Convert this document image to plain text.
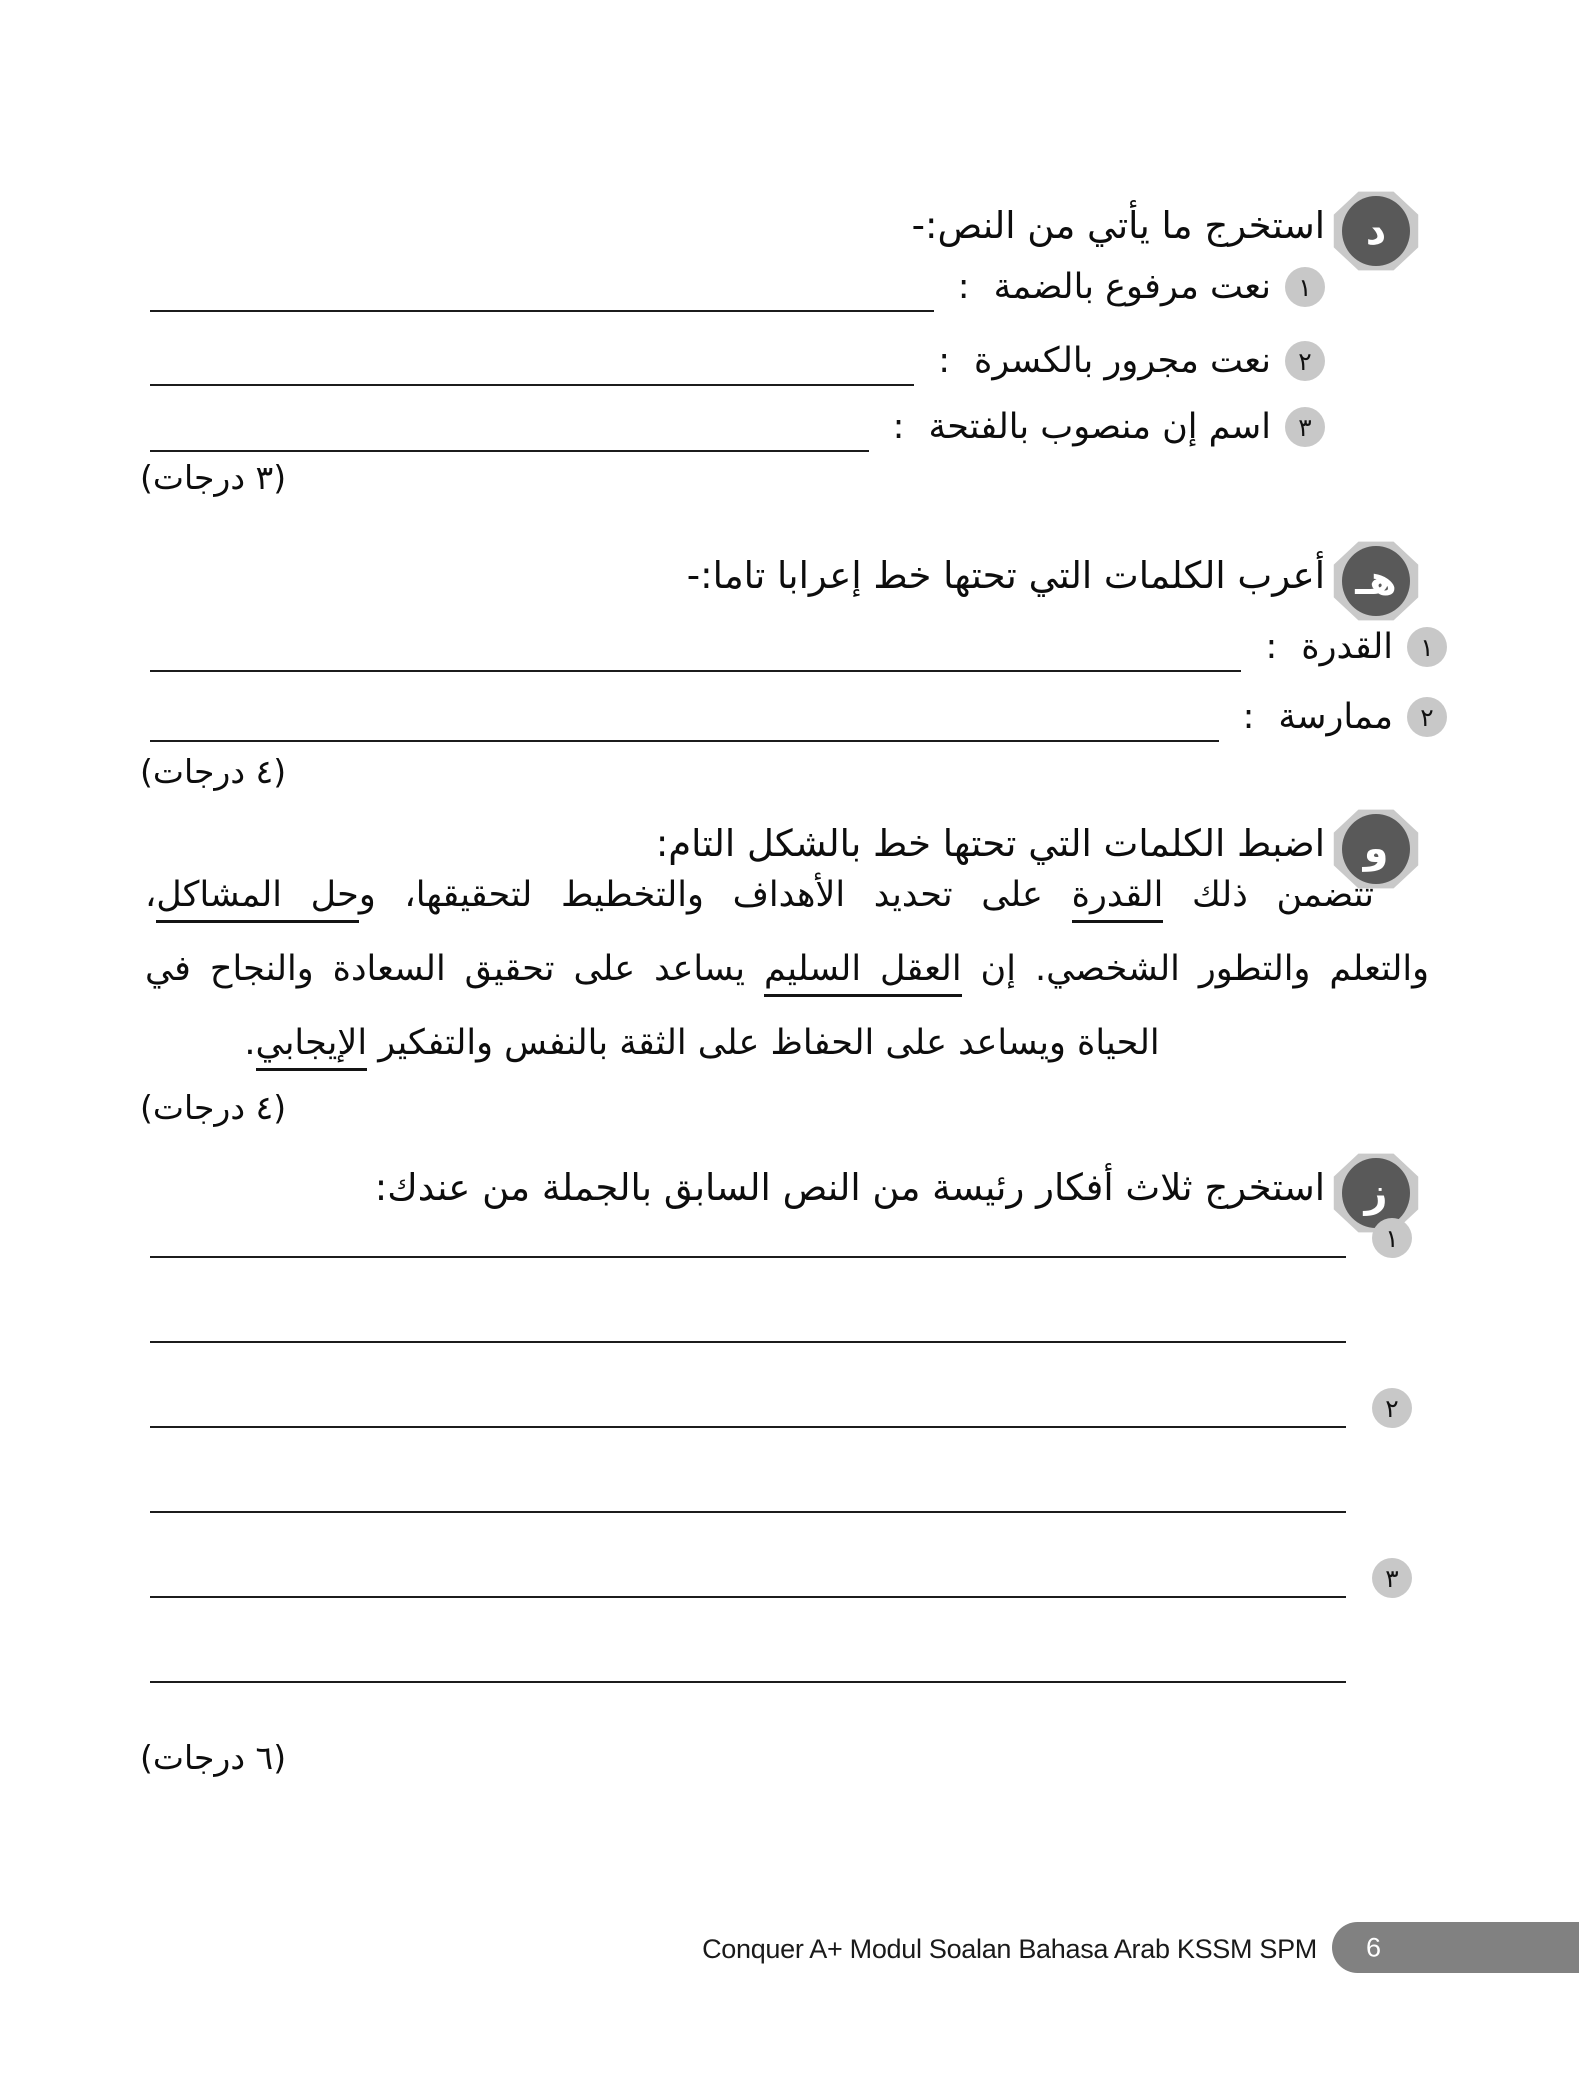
د
استخرج ما يأتي من النص:-
١
نعت مرفوع بالضمة
:
٢
نعت مجرور بالكسرة
:
٣
اسم إن منصوب بالفتحة
:
(٣ درجات)
هـ
أعرب الكلمات التي تحتها خط إعرابا تاما:-
١
القدرة
:
٢
ممارسة
:
(٤ درجات)
و
اضبط الكلمات التي تحتها خط بالشكل التام:
تتضمن ذلك القدرة على تحديد الأهداف والتخطيط لتحقيقها، وحل المشاكل،
والتعلم والتطور الشخصي. إن العقل السليم يساعد على تحقيق السعادة والنجاح في
الحياة ويساعد على الحفاظ على الثقة بالنفس والتفكير الإيجابي.
(٤ درجات)
ز
استخرج ثلاث أفكار رئيسة من النص السابق بالجملة من عندك:
١
٢
٣
(٦ درجات)
Conquer A+ Modul Soalan Bahasa Arab KSSM SPM 6
